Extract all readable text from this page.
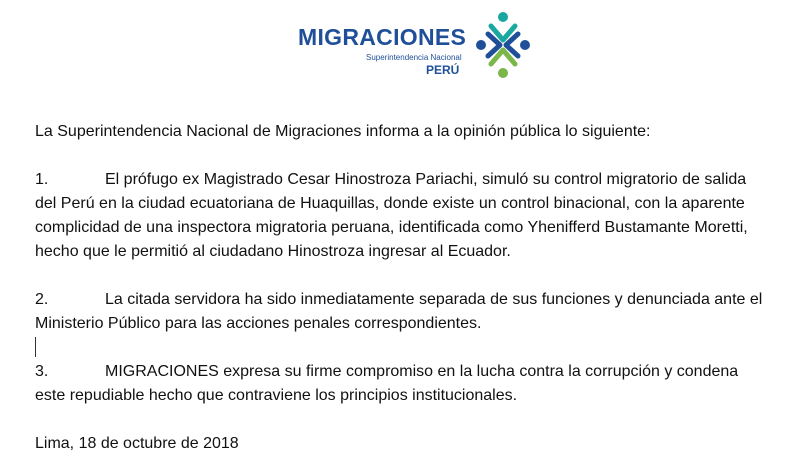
MIGRACIONES
Superintendencia Nacional
PERÚ

La Superintendencia Nacional de Migraciones informa a la opinión pública lo siguiente:

1.	El prófugo ex Magistrado Cesar Hinostroza Pariachi, simuló su control migratorio de salida del Perú en la ciudad ecuatoriana de Huaquillas, donde existe un control binacional, con la aparente complicidad de una inspectora migratoria peruana, identificada como Yhenifferd Bustamante Moretti, hecho que le permitió al ciudadano Hinostroza ingresar al Ecuador.

2.	La citada servidora ha sido inmediatamente separada de sus funciones y denunciada ante el Ministerio Público para las acciones penales correspondientes.

3.	MIGRACIONES expresa su firme compromiso en la lucha contra la corrupción y condena este repudiable hecho que contraviene los principios institucionales.

Lima, 18 de octubre de 2018
